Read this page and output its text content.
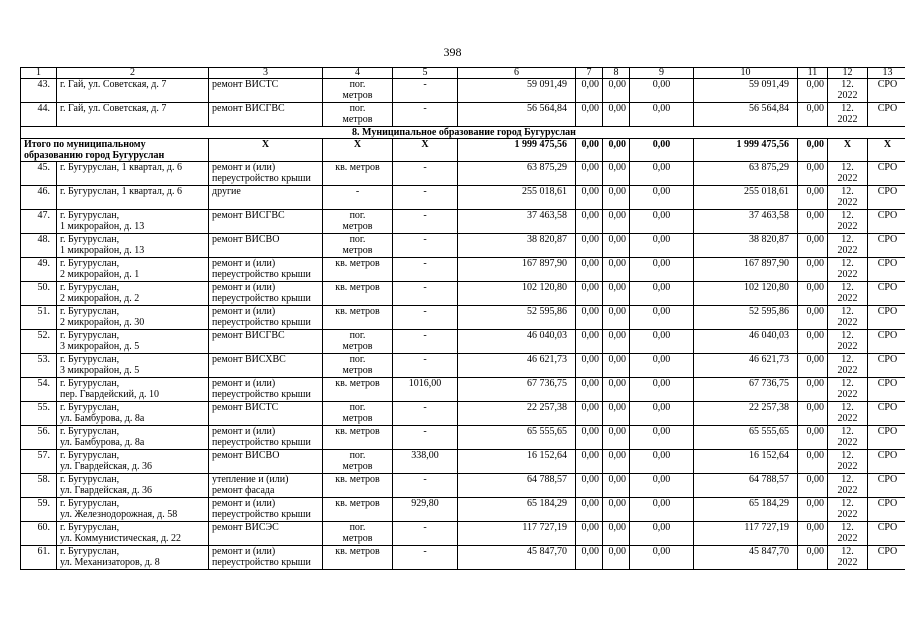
398
1	2	3	4	5	6	7	8	9	10	11	12	13
43.	г. Гай, ул. Советская, д. 7	ремонт ВИСТС	пог.
метров	-	59 091,49	0,00	0,00	0,00	59 091,49	0,00	12.
2022	СРО
44.	г. Гай, ул. Советская, д. 7	ремонт ВИСГВС	пог.
метров	-	56 564,84	0,00	0,00	0,00	56 564,84	0,00	12.
2022	СРО
8. Муниципальное образование город Бугуруслан												
Итого по муниципальному
образованию город Бугуруслан		X	X	X	1 999 475,56	0,00	0,00	0,00	1 999 475,56	0,00	X	X
45.	г. Бугуруслан, 1 квартал, д. 6	ремонт и (или)
переустройство крыши	кв. метров	-	63 875,29	0,00	0,00	0,00	63 875,29	0,00	12.
2022	СРО
46.	г. Бугуруслан, 1 квартал, д. 6	другие	-	-	255 018,61	0,00	0,00	0,00	255 018,61	0,00	12.
2022	СРО
47.	г. Бугуруслан,
1 микрорайон, д. 13	ремонт ВИСГВС	пог.
метров	-	37 463,58	0,00	0,00	0,00	37 463,58	0,00	12.
2022	СРО
48.	г. Бугуруслан,
1 микрорайон, д. 13	ремонт ВИСВО	пог.
метров	-	38 820,87	0,00	0,00	0,00	38 820,87	0,00	12.
2022	СРО
49.	г. Бугуруслан,
2 микрорайон, д. 1	ремонт и (или)
переустройство крыши	кв. метров	-	167 897,90	0,00	0,00	0,00	167 897,90	0,00	12.
2022	СРО
50.	г. Бугуруслан,
2 микрорайон, д. 2	ремонт и (или)
переустройство крыши	кв. метров	-	102 120,80	0,00	0,00	0,00	102 120,80	0,00	12.
2022	СРО
51.	г. Бугуруслан,
2 микрорайон, д. 30	ремонт и (или)
переустройство крыши	кв. метров	-	52 595,86	0,00	0,00	0,00	52 595,86	0,00	12.
2022	СРО
52.	г. Бугуруслан,
3 микрорайон, д. 5	ремонт ВИСГВС	пог.
метров	-	46 040,03	0,00	0,00	0,00	46 040,03	0,00	12.
2022	СРО
53.	г. Бугуруслан,
3 микрорайон, д. 5	ремонт ВИСХВС	пог.
метров	-	46 621,73	0,00	0,00	0,00	46 621,73	0,00	12.
2022	СРО
54.	г. Бугуруслан,
пер. Гвардейский, д. 10	ремонт и (или)
переустройство крыши	кв. метров	1016,00	67 736,75	0,00	0,00	0,00	67 736,75	0,00	12.
2022	СРО
55.	г. Бугуруслан,
ул. Бамбурова, д. 8а	ремонт ВИСТС	пог.
метров	-	22 257,38	0,00	0,00	0,00	22 257,38	0,00	12.
2022	СРО
56.	г. Бугуруслан,
ул. Бамбурова, д. 8а	ремонт и (или)
переустройство крыши	кв. метров	-	65 555,65	0,00	0,00	0,00	65 555,65	0,00	12.
2022	СРО
57.	г. Бугуруслан,
ул. Гвардейская, д. 36	ремонт ВИСВО	пог.
метров	338,00	16 152,64	0,00	0,00	0,00	16 152,64	0,00	12.
2022	СРО
58.	г. Бугуруслан,
ул. Гвардейская, д. 36	утепление и (или)
ремонт фасада	кв. метров	-	64 788,57	0,00	0,00	0,00	64 788,57	0,00	12.
2022	СРО
59.	г. Бугуруслан,
ул. Железнодорожная, д. 58	ремонт и (или)
переустройство крыши	кв. метров	929,80	65 184,29	0,00	0,00	0,00	65 184,29	0,00	12.
2022	СРО
60.	г. Бугуруслан,
ул. Коммунистическая, д. 22	ремонт ВИСЭС	пог.
метров	-	117 727,19	0,00	0,00	0,00	117 727,19	0,00	12.
2022	СРО
61.	г. Бугуруслан,
ул. Механизаторов, д. 8	ремонт и (или)
переустройство крыши	кв. метров	-	45 847,70	0,00	0,00	0,00	45 847,70	0,00	12.
2022	СРО
